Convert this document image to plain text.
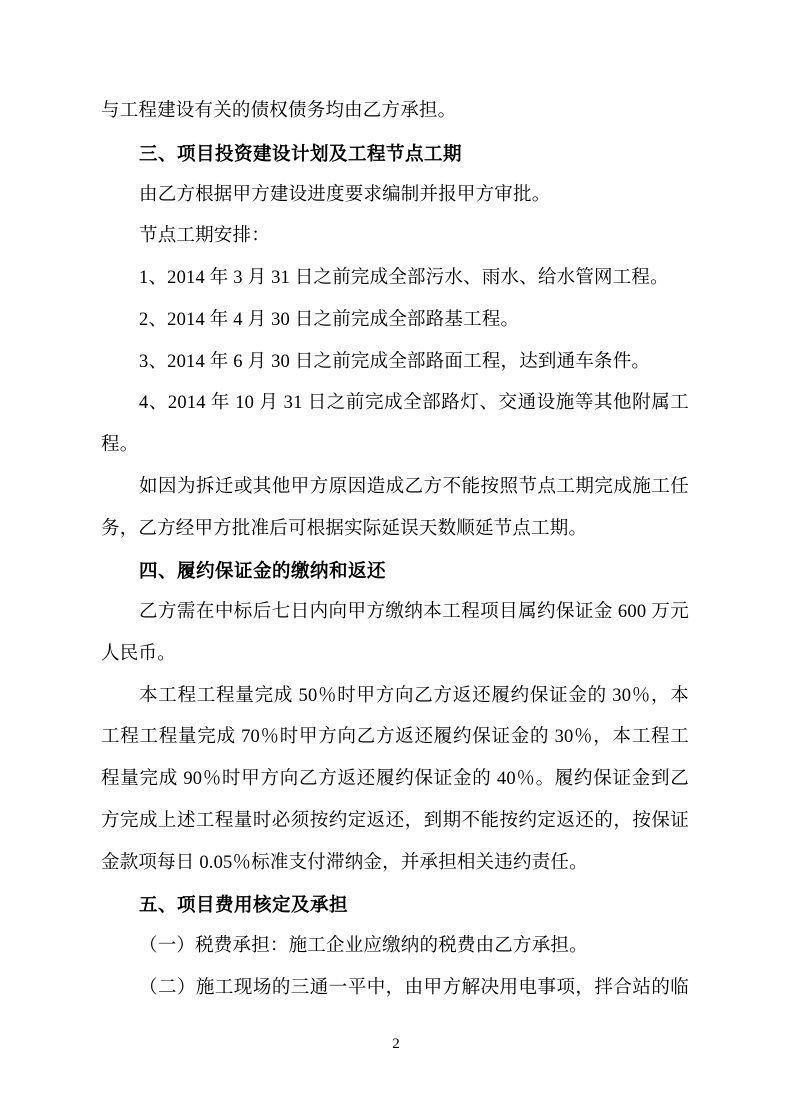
与工程建设有关的债权债务均由乙方承担。
三、项目投资建设计划及工程节点工期
由乙方根据甲方建设进度要求编制并报甲方审批。
节点工期安排：
1、2014 年 3 月 31 日之前完成全部污水、雨水、给水管网工程。
2、2014 年 4 月 30 日之前完成全部路基工程。
3、2014 年 6 月 30 日之前完成全部路面工程，达到通车条件。
4、2014 年 10 月 31 日之前完成全部路灯、交通设施等其他附属工
程。
如因为拆迁或其他甲方原因造成乙方不能按照节点工期完成施工任
务，乙方经甲方批准后可根据实际延误天数顺延节点工期。
四、履约保证金的缴纳和返还
乙方需在中标后七日内向甲方缴纳本工程项目属约保证金 600 万元
人民币。
本工程工程量完成 50％时甲方向乙方返还履约保证金的 30％，本
工程工程量完成 70％时甲方向乙方返还履约保证金的 30％，本工程工
程量完成 90％时甲方向乙方返还履约保证金的 40％。履约保证金到乙
方完成上述工程量时必须按约定返还，到期不能按约定返还的，按保证
金款项每日 0.05％标准支付滞纳金，并承担相关违约责任。
五、项目费用核定及承担
（一）税费承担：施工企业应缴纳的税费由乙方承担。
（二）施工现场的三通一平中，由甲方解决用电事项，拌合站的临
2
